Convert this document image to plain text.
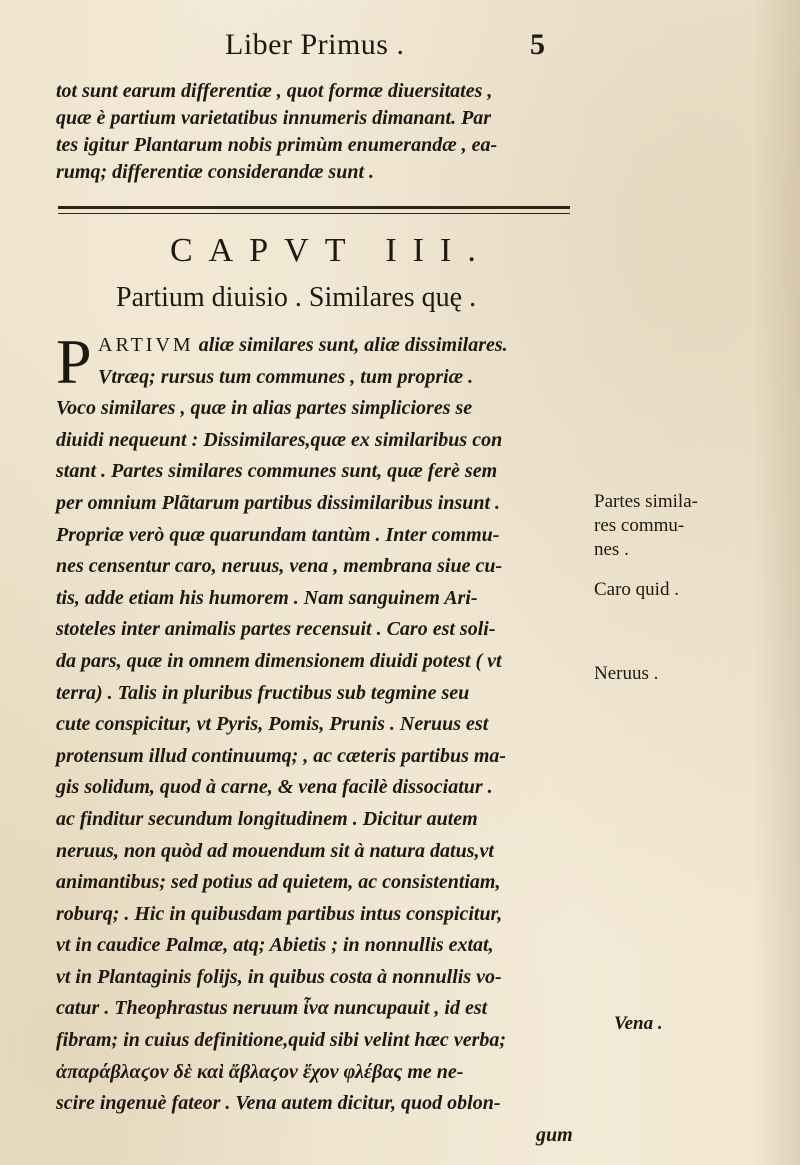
Liber Primus .	5
tot sunt earum differentiæ , quot formæ diuersitates ,
quæ è partium varietatibus innumeris dimanant. Par
tes igitur Plantarum nobis primùm enumerandæ , ea-
rumq; differentiæ considerandæ sunt .
CAPVT III.
Partium diuisio . Similares quę .
P ARTIVM aliæ similares sunt, aliæ dissimilares.
Vtræq; rursus tum communes , tum propriæ .
Voco similares , quæ in alias partes simpliciores se
diuidi nequeunt : Dissimilares,quæ ex similaribus con
stant . Partes similares communes sunt, quæ ferè sem
per omnium Plãtarum partibus dissimilaribus insunt .
Propriæ verò quæ quarundam tantùm . Inter commu-
nes censentur caro, neruus, vena , membrana siue cu-
tis, adde etiam his humorem . Nam sanguinem Ari-
stoteles inter animalis partes recensuit . Caro est soli-
da pars, quæ in omnem dimensionem diuidi potest ( vt
terra) . Talis in pluribus fructibus sub tegmine seu
cute conspicitur, vt Pyris, Pomis, Prunis . Neruus est
protensum illud continuumq; , ac cæteris partibus ma-
gis solidum, quod à carne, & vena facilè dissociatur .
ac finditur secundum longitudinem . Dicitur autem
neruus, non quòd ad mouendum sit à natura datus,vt
animantibus; sed potius ad quietem, ac consistentiam,
roburq; . Hic in quibusdam partibus intus conspicitur,
vt in caudice Palmæ, atq; Abietis ; in nonnullis extat,
vt in Plantaginis folijs, in quibus costa à nonnullis vo-
catur . Theophrastus neruum ἶνα nuncupauit , id est
fibram; in cuius definitione,quid sibi velint hæc verba;
ἀπαράβλαϛον δὲ καὶ ἄβλαϛον ἔχον φλέβας me ne-
scire ingenuè fateor . Vena autem dicitur, quod oblon-
gum
Partes simila-
res commu-
nes .
Caro quid .
Neruus .
Vena .
